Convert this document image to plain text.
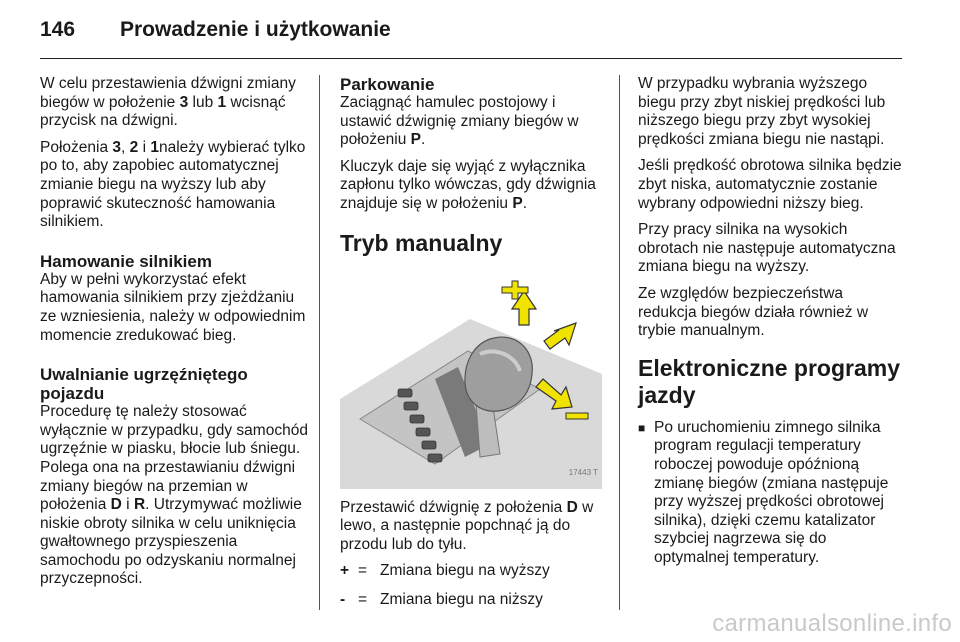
146	Prowadzenie i użytkowanie

W celu przestawienia dźwigni zmiany biegów w położenie 3 lub 1 wcisnąć przycisk na dźwigni.

Położenia 3, 2 i 1należy wybierać tylko po to, aby zapobiec automatycznej zmianie biegu na wyższy lub aby poprawić skuteczność hamowania silnikiem.

Hamowanie silnikiem

Aby w pełni wykorzystać efekt hamowania silnikiem przy zjeżdżaniu ze wzniesienia, należy w odpowiednim momencie zredukować bieg.

Uwalnianie ugrzęźniętego pojazdu

Procedurę tę należy stosować wyłącznie w przypadku, gdy samochód ugrzęźnie w piasku, błocie lub śniegu. Polega ona na przestawianiu dźwigni zmiany biegów na przemian w położenia D i R. Utrzymywać możliwie niskie obroty silnika w celu uniknięcia gwałtownego przyspieszenia samochodu po odzyskaniu normalnej przyczepności.

Parkowanie

Zaciągnąć hamulec postojowy i ustawić dźwignię zmiany biegów w położeniu P.

Kluczyk daje się wyjąć z wyłącznika zapłonu tylko wówczas, gdy dźwignia znajduje się w położeniu P.

Tryb manualny
17443 T

Przestawić dźwignię z położenia D w lewo, a następnie popchnąć ją do przodu lub do tyłu.

+ = Zmiana biegu na wyższy
- = Zmiana biegu na niższy

W przypadku wybrania wyższego biegu przy zbyt niskiej prędkości lub niższego biegu przy zbyt wysokiej prędkości zmiana biegu nie nastąpi.

Jeśli prędkość obrotowa silnika będzie zbyt niska, automatycznie zostanie wybrany odpowiedni niższy bieg.

Przy pracy silnika na wysokich obrotach nie następuje automatyczna zmiana biegu na wyższy.

Ze względów bezpieczeństwa redukcja biegów działa również w trybie manualnym.

Elektroniczne programy jazdy
■ Po uruchomieniu zimnego silnika program regulacji temperatury roboczej powoduje opóźnioną zmianę biegów (zmiana następuje przy wyższej prędkości obrotowej silnika), dzięki czemu katalizator szybciej nagrzewa się do optymalnej temperatury.
carmanualsonline.info
